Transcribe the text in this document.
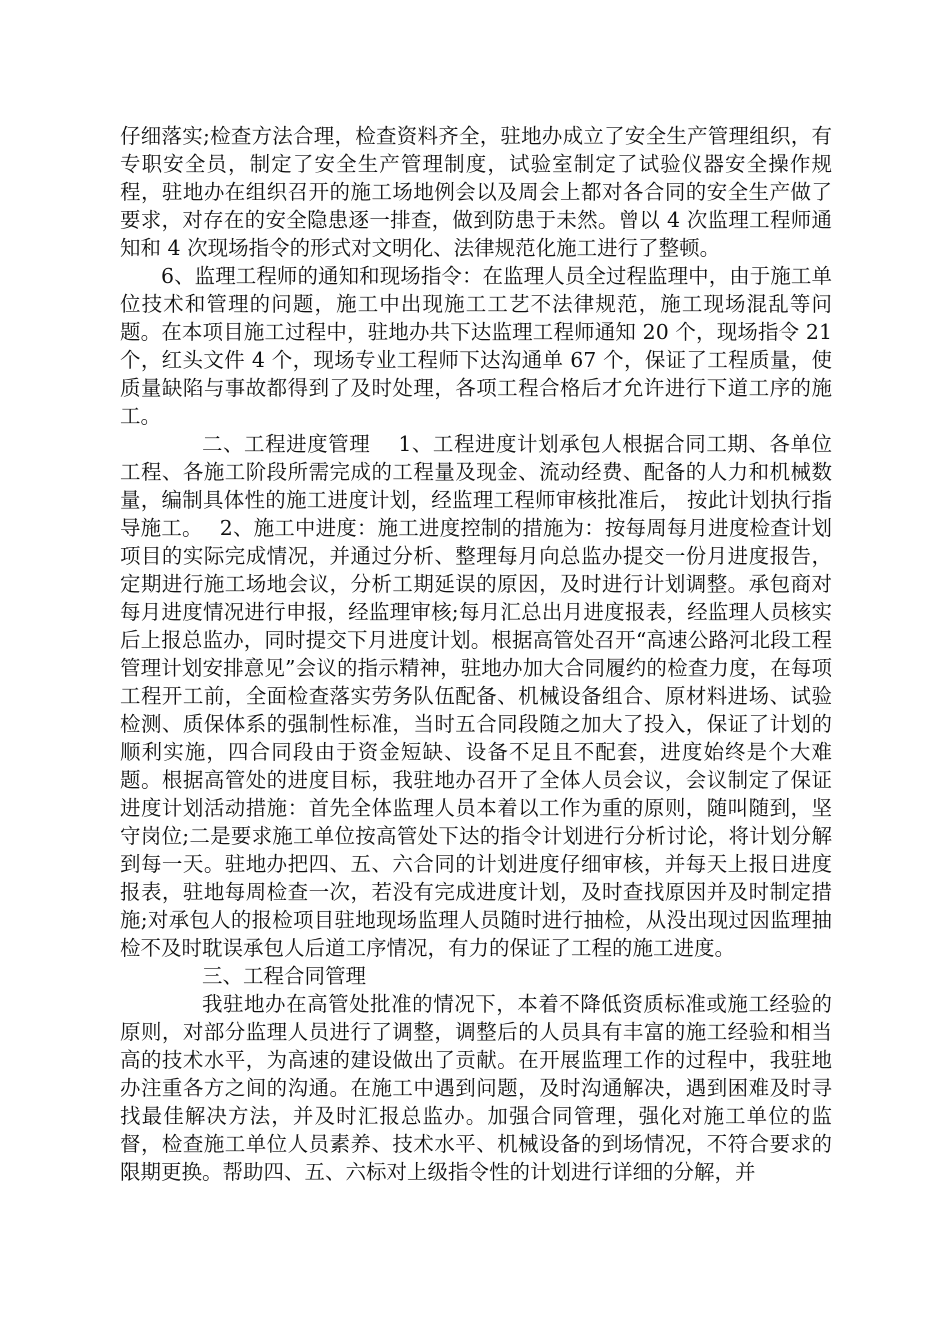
仔细落实;检查方法合理，检查资料齐全，驻地办成立了安全生产管理组织，有专职安全员，制定了安全生产管理制度，试验室制定了试验仪器安全操作规程，驻地办在组织召开的施工场地例会以及周会上都对各合同的安全生产做了要求，对存在的安全隐患逐一排查，做到防患于未然。曾以 4 次监理工程师通知和 4 次现场指令的形式对文明化、法律规范化施工进行了整顿。

6、监理工程师的通知和现场指令：在监理人员全过程监理中，由于施工单位技术和管理的问题，施工中出现施工工艺不法律规范，施工现场混乱等问题。在本项目施工过程中，驻地办共下达监理工程师通知 20 个，现场指令 21 个，红头文件 4 个，现场专业工程师下达沟通单 67 个，保证了工程质量，使质量缺陷与事故都得到了及时处理，各项工程合格后才允许进行下道工序的施工。

二、工程进度管理　 1、工程进度计划承包人根据合同工期、各单位工程、各施工阶段所需完成的工程量及现金、流动经费、配备的人力和机械数量，编制具体性的施工进度计划，经监理工程师审核批准后， 按此计划执行指导施工。　 2、施工中进度：施工进度控制的措施为：按每周每月进度检查计划项目的实际完成情况，并通过分析、整理每月向总监办提交一份月进度报告，定期进行施工场地会议，分析工期延误的原因，及时进行计划调整。承包商对每月进度情况进行申报，经监理审核;每月汇总出月进度报表，经监理人员核实后上报总监办，同时提交下月进度计划。根据高管处召开“高速公路河北段工程管理计划安排意见”会议的指示精神，驻地办加大合同履约的检查力度，在每项工程开工前，全面检查落实劳务队伍配备、机械设备组合、原材料进场、试验检测、质保体系的强制性标准，当时五合同段随之加大了投入，保证了计划的顺利实施，四合同段由于资金短缺、设备不足且不配套，进度始终是个大难题。根据高管处的进度目标，我驻地办召开了全体人员会议，会议制定了保证进度计划活动措施：首先全体监理人员本着以工作为重的原则，随叫随到，坚守岗位;二是要求施工单位按高管处下达的指令计划进行分析讨论，将计划分解到每一天。驻地办把四、五、六合同的计划进度仔细审核，并每天上报日进度报表，驻地每周检查一次，若没有完成进度计划，及时查找原因并及时制定措施;对承包人的报检项目驻地现场监理人员随时进行抽检，从没出现过因监理抽检不及时耽误承包人后道工序情况，有力的保证了工程的施工进度。

三、工程合同管理

我驻地办在高管处批准的情况下，本着不降低资质标准或施工经验的原则，对部分监理人员进行了调整，调整后的人员具有丰富的施工经验和相当高的技术水平，为高速的建设做出了贡献。在开展监理工作的过程中，我驻地办注重各方之间的沟通。在施工中遇到问题，及时沟通解决，遇到困难及时寻找最佳解决方法，并及时汇报总监办。加强合同管理，强化对施工单位的监督，检查施工单位人员素养、技术水平、机械设备的到场情况，不符合要求的限期更换。帮助四、五、六标对上级指令性的计划进行详细的分解，并
